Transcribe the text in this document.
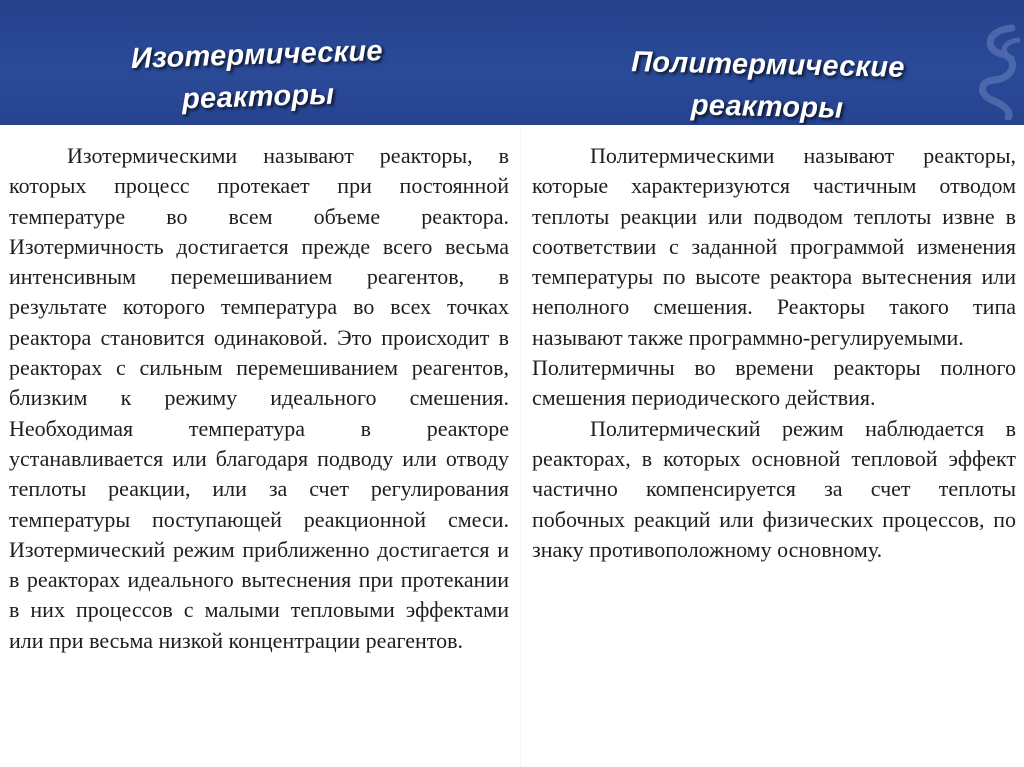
Изотермические реакторы
Политермические реакторы

Изотермическими называют реакторы, в которых процесс протекает при постоянной температуре во всем объеме реактора. Изотермичность достигается прежде всего весьма интенсивным перемешиванием реагентов, в результате которого температура во всех точках реактора становится одинаковой. Это происходит в реакторах с сильным перемешиванием реагентов, близким к режиму идеального смешения. Необходимая температура в реакторе устанавливается или благодаря подводу или отводу теплоты реакции, или за счет регулирования температуры поступающей реакционной смеси. Изотермический режим приближенно достигается и в реакторах идеального вытеснения при протекании в них процессов с малыми тепловыми эффектами или при весьма низкой концентрации реагентов.

Политермическими называют реакторы, которые характеризуются частичным отводом теплоты реакции или подводом теплоты извне в соответствии с заданной программой изменения температуры по высоте реактора вытеснения или неполного смешения. Реакторы такого типа называют также программно-регулируемыми.

Политермичны во времени реакторы полного смешения периодического действия.

Политермический режим наблюдается в реакторах, в которых основной тепловой эффект частично компенсируется за счет теплоты побочных реакций или физических процессов, по знаку противоположному основному.
